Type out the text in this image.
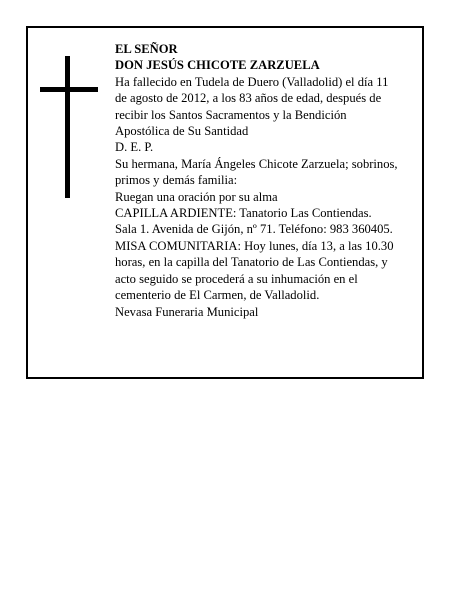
EL SEÑOR
DON JESÚS CHICOTE ZARZUELA
Ha fallecido en Tudela de Duero (Valladolid) el día 11
de agosto de 2012, a los 83 años de edad, después de
recibir los Santos Sacramentos y la Bendición
Apostólica de Su Santidad
D. E. P.
Su hermana, María Ángeles Chicote Zarzuela; sobrinos,
primos y demás familia:
Ruegan una oración por su alma
CAPILLA ARDIENTE: Tanatorio Las Contiendas.
Sala 1. Avenida de Gijón, nº 71. Teléfono: 983 360405.
MISA COMUNITARIA: Hoy lunes, día 13, a las 10.30
horas, en la capilla del Tanatorio de Las Contiendas, y
acto seguido se procederá a su inhumación en el
cementerio de El Carmen, de Valladolid.
Nevasa Funeraria Municipal
